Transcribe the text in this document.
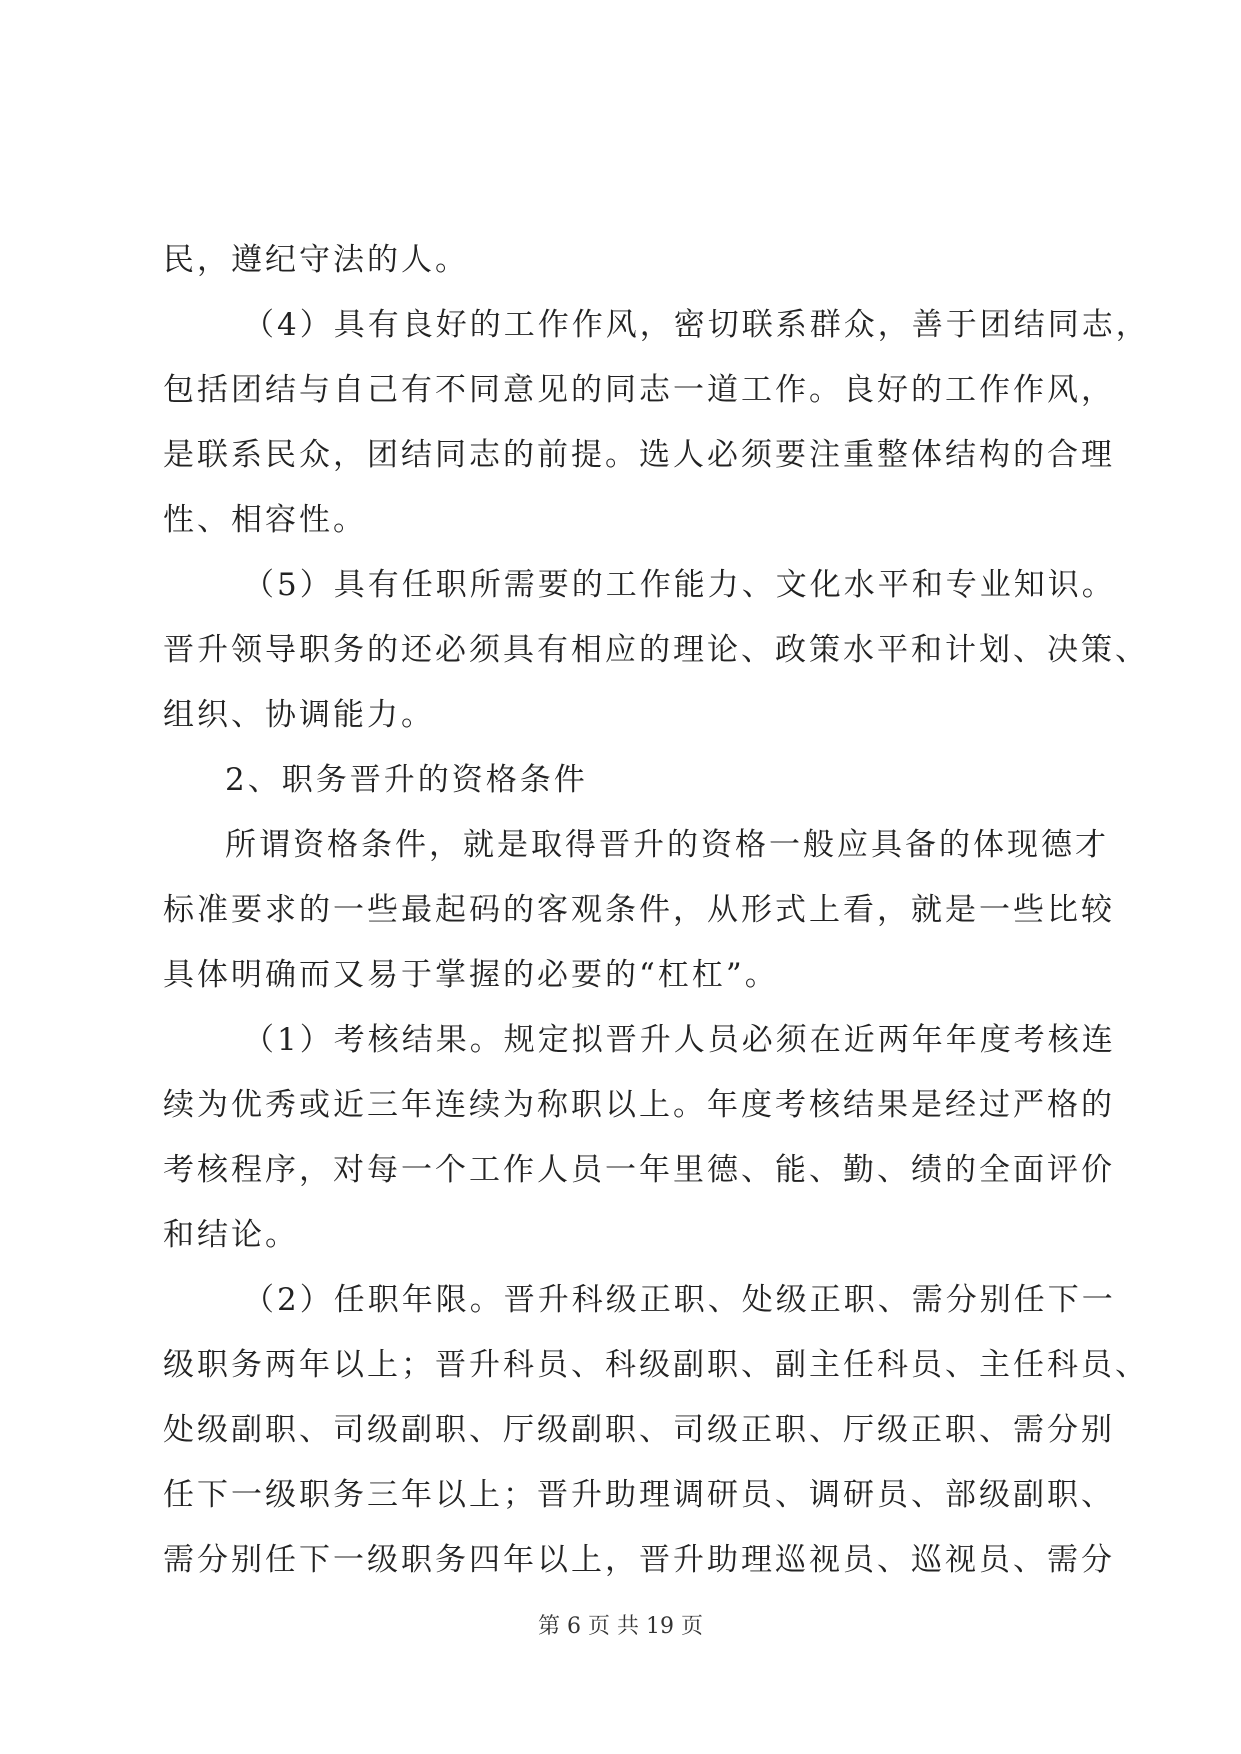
民，遵纪守法的人。
（4）具有良好的工作作风，密切联系群众，善于团结同志，
包括团结与自己有不同意见的同志一道工作。良好的工作作风，
是联系民众，团结同志的前提。选人必须要注重整体结构的合理
性、相容性。
（5）具有任职所需要的工作能力、文化水平和专业知识。
晋升领导职务的还必须具有相应的理论、政策水平和计划、决策、
组织、协调能力。
2、职务晋升的资格条件
所谓资格条件，就是取得晋升的资格一般应具备的体现德才
标准要求的一些最起码的客观条件，从形式上看，就是一些比较
具体明确而又易于掌握的必要的“杠杠”。
（1）考核结果。规定拟晋升人员必须在近两年年度考核连
续为优秀或近三年连续为称职以上。年度考核结果是经过严格的
考核程序，对每一个工作人员一年里德、能、勤、绩的全面评价
和结论。
（2）任职年限。晋升科级正职、处级正职、需分别任下一
级职务两年以上；晋升科员、科级副职、副主任科员、主任科员、
处级副职、司级副职、厅级副职、司级正职、厅级正职、需分别
任下一级职务三年以上；晋升助理调研员、调研员、部级副职、
需分别任下一级职务四年以上，晋升助理巡视员、巡视员、需分
第 6 页 共 19 页
